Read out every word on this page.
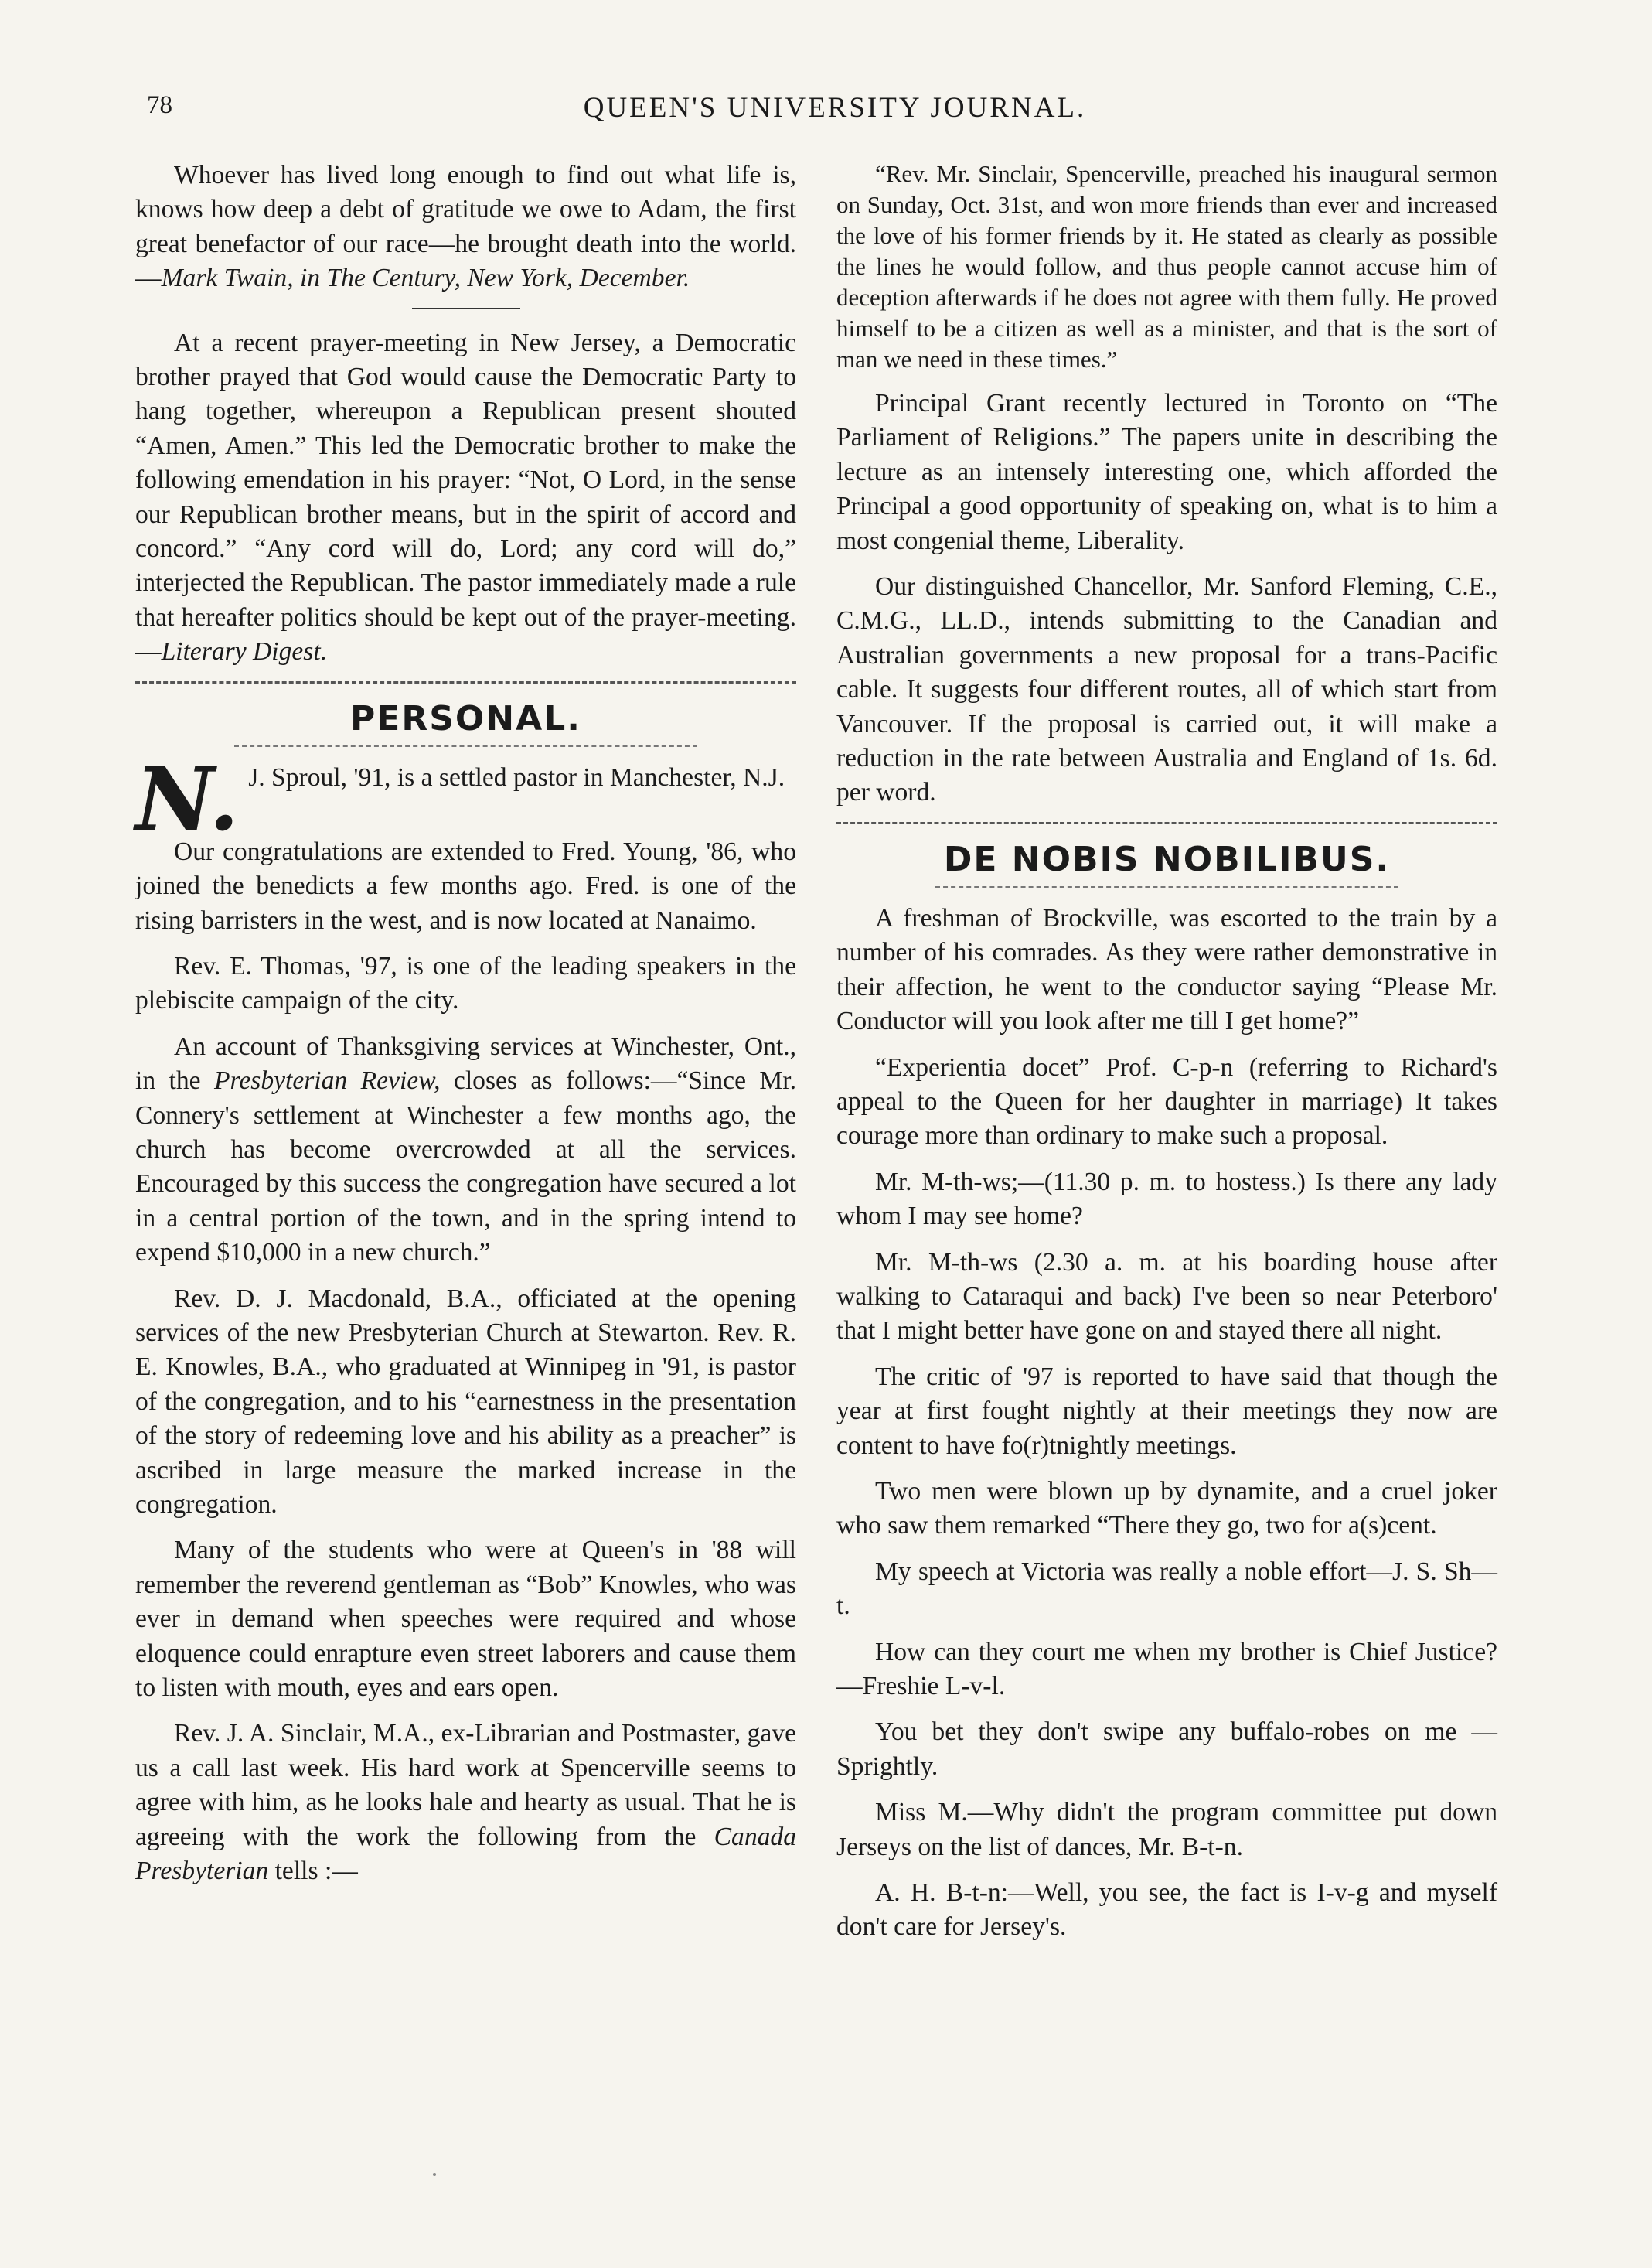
78	QUEEN'S UNIVERSITY JOURNAL.

Whoever has lived long enough to find out what life is, knows how deep a debt of gratitude we owe to Adam, the first great benefactor of our race—he brought death into the world.—Mark Twain, in The Century, New York, December.

At a recent prayer-meeting in New Jersey, a Democratic brother prayed that God would cause the Democratic Party to hang together, whereupon a Republican present shouted “Amen, Amen.” This led the Democratic brother to make the following emendation in his prayer: “Not, O Lord, in the sense our Republican brother means, but in the spirit of accord and concord.” “Any cord will do, Lord; any cord will do,” interjected the Republican. The pastor immediately made a rule that hereafter politics should be kept out of the prayer-meeting.—Literary Digest.

PERSONAL.

N. J. Sproul, '91, is a settled pastor in Manchester, N.J.

Our congratulations are extended to Fred. Young, '86, who joined the benedicts a few months ago. Fred. is one of the rising barristers in the west, and is now located at Nanaimo.

Rev. E. Thomas, '97, is one of the leading speakers in the plebiscite campaign of the city.

An account of Thanksgiving services at Winchester, Ont., in the Presbyterian Review, closes as follows:—“Since Mr. Connery's settlement at Winchester a few months ago, the church has become overcrowded at all the services. Encouraged by this success the congregation have secured a lot in a central portion of the town, and in the spring intend to expend $10,000 in a new church.”

Rev. D. J. Macdonald, B.A., officiated at the opening services of the new Presbyterian Church at Stewarton. Rev. R. E. Knowles, B.A., who graduated at Winnipeg in '91, is pastor of the congregation, and to his “earnestness in the presentation of the story of redeeming love and his ability as a preacher” is ascribed in large measure the marked increase in the congregation.

Many of the students who were at Queen's in '88 will remember the reverend gentleman as “Bob” Knowles, who was ever in demand when speeches were required and whose eloquence could enrapture even street laborers and cause them to listen with mouth, eyes and ears open.

Rev. J. A. Sinclair, M.A., ex-Librarian and Postmaster, gave us a call last week. His hard work at Spencerville seems to agree with him, as he looks hale and hearty as usual. That he is agreeing with the work the following from the Canada Presbyterian tells :—

“Rev. Mr. Sinclair, Spencerville, preached his inaugural sermon on Sunday, Oct. 31st, and won more friends than ever and increased the love of his former friends by it. He stated as clearly as possible the lines he would follow, and thus people cannot accuse him of deception afterwards if he does not agree with them fully. He proved himself to be a citizen as well as a minister, and that is the sort of man we need in these times.”

Principal Grant recently lectured in Toronto on “The Parliament of Religions.” The papers unite in describing the lecture as an intensely interesting one, which afforded the Principal a good opportunity of speaking on, what is to him a most congenial theme, Liberality.

Our distinguished Chancellor, Mr. Sanford Fleming, C.E., C.M.G., LL.D., intends submitting to the Canadian and Australian governments a new proposal for a trans-Pacific cable. It suggests four different routes, all of which start from Vancouver. If the proposal is carried out, it will make a reduction in the rate between Australia and England of 1s. 6d. per word.

DE NOBIS NOBILIBUS.

A freshman of Brockville, was escorted to the train by a number of his comrades. As they were rather demonstrative in their affection, he went to the conductor saying “Please Mr. Conductor will you look after me till I get home?”

“Experientia docet” Prof. C-p-n (referring to Richard's appeal to the Queen for her daughter in marriage) It takes courage more than ordinary to make such a proposal.

Mr. M-th-ws;—(11.30 p. m. to hostess.) Is there any lady whom I may see home?

Mr. M-th-ws (2.30 a. m. at his boarding house after walking to Cataraqui and back) I've been so near Peterboro' that I might better have gone on and stayed there all night.

The critic of '97 is reported to have said that though the year at first fought nightly at their meetings they now are content to have fo(r)tnightly meetings.

Two men were blown up by dynamite, and a cruel joker who saw them remarked “There they go, two for a(s)cent.

My speech at Victoria was really a noble effort—J. S. Sh—t.

How can they court me when my brother is Chief Justice?—Freshie L-v-l.

You bet they don't swipe any buffalo-robes on me —Sprightly.

Miss M.—Why didn't the program committee put down Jerseys on the list of dances, Mr. B-t-n.

A. H. B-t-n:—Well, you see, the fact is I-v-g and myself don't care for Jersey's.
